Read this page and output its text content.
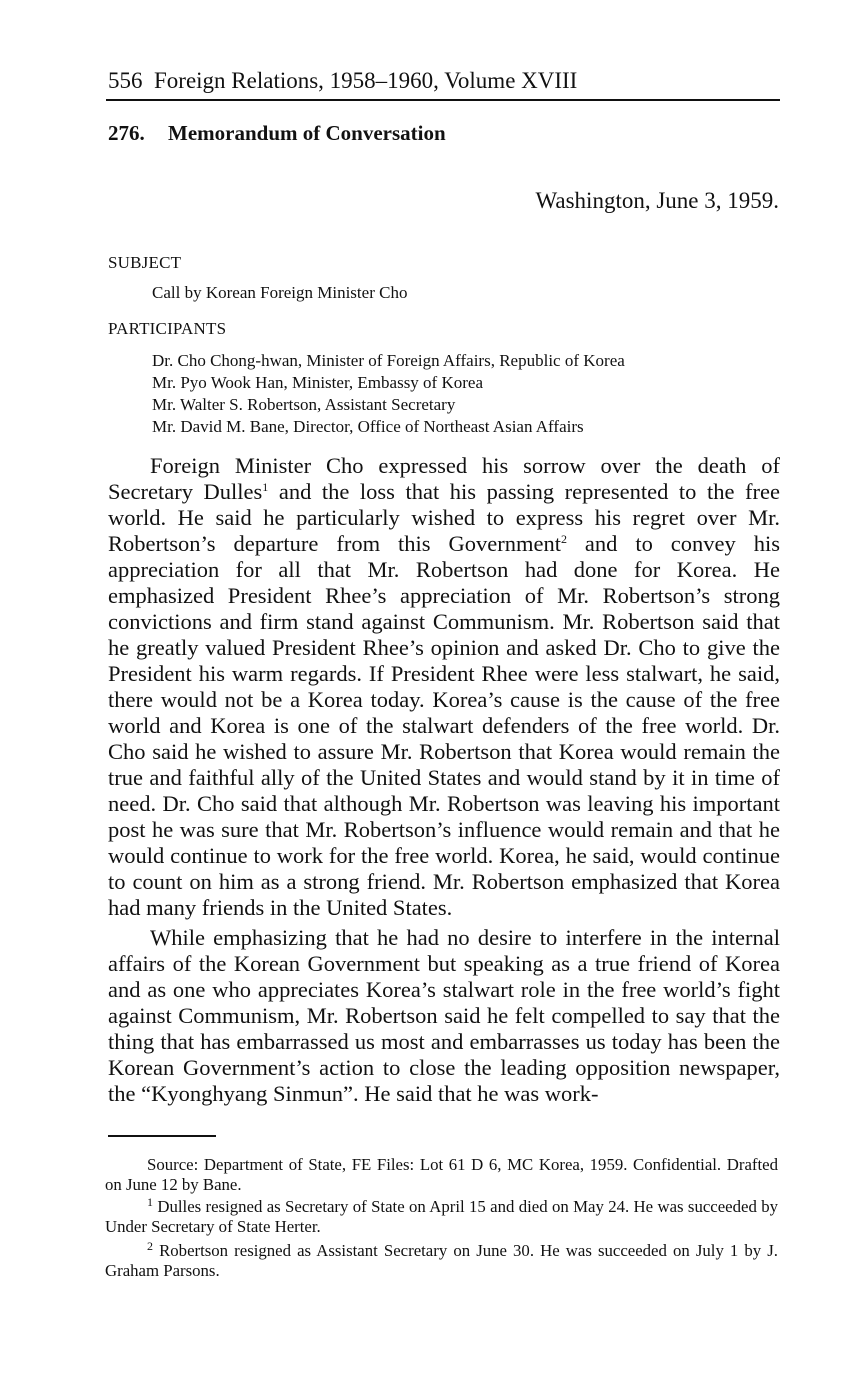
556 Foreign Relations, 1958–1960, Volume XVIII
276. Memorandum of Conversation
Washington, June 3, 1959.
SUBJECT
Call by Korean Foreign Minister Cho
PARTICIPANTS
Dr. Cho Chong-hwan, Minister of Foreign Affairs, Republic of Korea
Mr. Pyo Wook Han, Minister, Embassy of Korea
Mr. Walter S. Robertson, Assistant Secretary
Mr. David M. Bane, Director, Office of Northeast Asian Affairs

Foreign Minister Cho expressed his sorrow over the death of Secretary Dulles$^1$ and the loss that his passing represented to the free world. He said he particularly wished to express his regret over Mr. Robertson’s departure from this Government$^2$ and to convey his appreciation for all that Mr. Robertson had done for Korea. He emphasized President Rhee’s appreciation of Mr. Robertson’s strong convictions and firm stand against Communism. Mr. Robertson said that he greatly valued President Rhee’s opinion and asked Dr. Cho to give the President his warm regards. If President Rhee were less stalwart, he said, there would not be a Korea today. Korea’s cause is the cause of the free world and Korea is one of the stalwart defenders of the free world. Dr. Cho said he wished to assure Mr. Robertson that Korea would remain the true and faithful ally of the United States and would stand by it in time of need. Dr. Cho said that although Mr. Robertson was leaving his important post he was sure that Mr. Robertson’s influence would remain and that he would continue to work for the free world. Korea, he said, would continue to count on him as a strong friend. Mr. Robertson emphasized that Korea had many friends in the United States.

While emphasizing that he had no desire to interfere in the internal affairs of the Korean Government but speaking as a true friend of Korea and as one who appreciates Korea’s stalwart role in the free world’s fight against Communism, Mr. Robertson said he felt compelled to say that the thing that has embarrassed us most and embarrasses us today has been the Korean Government’s action to close the leading opposition newspaper, the “Kyonghyang Sinmun”. He said that he was work-

Source: Department of State, FE Files: Lot 61 D 6, MC Korea, 1959. Confidential. Drafted on June 12 by Bane.

$^1$ Dulles resigned as Secretary of State on April 15 and died on May 24. He was succeeded by Under Secretary of State Herter.

$^2$ Robertson resigned as Assistant Secretary on June 30. He was succeeded on July 1 by J. Graham Parsons.
